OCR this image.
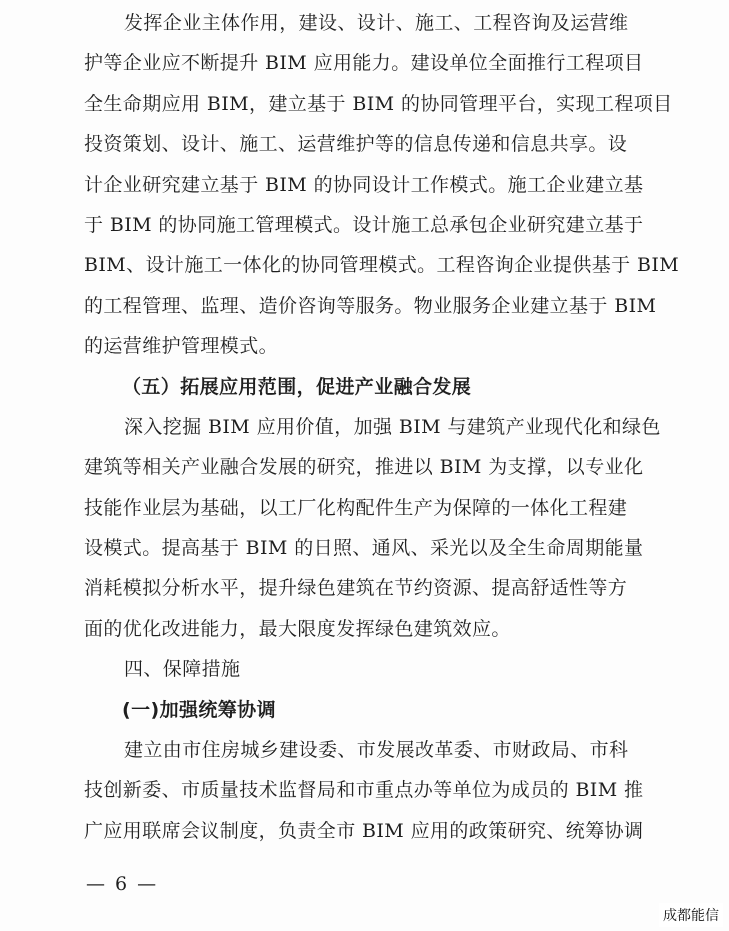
发挥企业主体作用，建设、设计、施工、工程咨询及运营维
护等企业应不断提升 BIM 应用能力。建设单位全面推行工程项目
全生命期应用 BIM，建立基于 BIM 的协同管理平台，实现工程项目
投资策划、设计、施工、运营维护等的信息传递和信息共享。设
计企业研究建立基于 BIM 的协同设计工作模式。施工企业建立基
于 BIM 的协同施工管理模式。设计施工总承包企业研究建立基于
BIM、设计施工一体化的协同管理模式。工程咨询企业提供基于 BIM
的工程管理、监理、造价咨询等服务。物业服务企业建立基于 BIM
的运营维护管理模式。
（五）拓展应用范围，促进产业融合发展
深入挖掘 BIM 应用价值，加强 BIM 与建筑产业现代化和绿色
建筑等相关产业融合发展的研究，推进以 BIM 为支撑，以专业化
技能作业层为基础，以工厂化构配件生产为保障的一体化工程建
设模式。提高基于 BIM 的日照、通风、采光以及全生命周期能量
消耗模拟分析水平，提升绿色建筑在节约资源、提高舒适性等方
面的优化改进能力，最大限度发挥绿色建筑效应。
四、保障措施
(一)加强统筹协调
建立由市住房城乡建设委、市发展改革委、市财政局、市科
技创新委、市质量技术监督局和市重点办等单位为成员的 BIM 推
广应用联席会议制度，负责全市 BIM 应用的政策研究、统筹协调
— 6 —
成都能信
